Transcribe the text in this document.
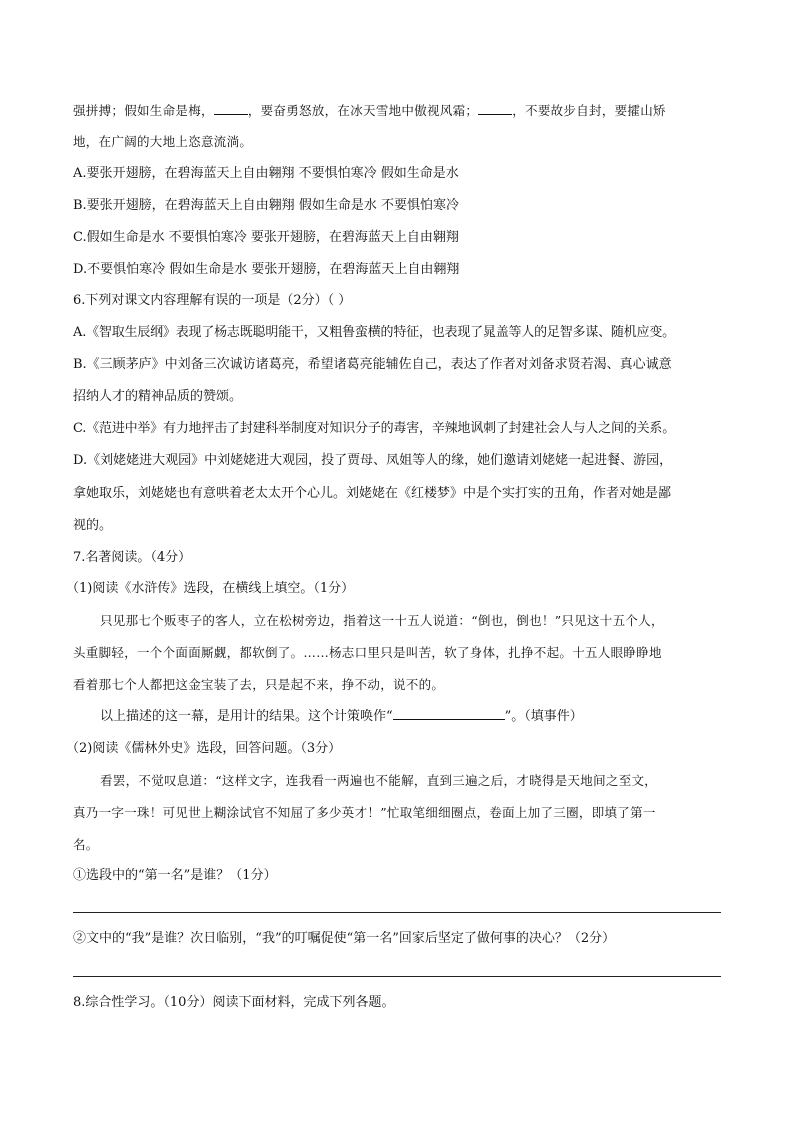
强拼搏；假如生命是梅，	，要奋勇怒放，在冰天雪地中傲视风霜；	，不要故步自封，要攉山矫
地，在广阔的大地上恣意流淌。
A.要张开翅膀，在碧海蓝天上自由翱翔 不要惧怕寒冷 假如生命是水
B.要张开翅膀，在碧海蓝天上自由翱翔 假如生命是水 不要惧怕寒冷
C.假如生命是水 不要惧怕寒冷 要张开翅膀，在碧海蓝天上自由翱翔
D.不要惧怕寒冷 假如生命是水 要张开翅膀，在碧海蓝天上自由翱翔
6.下列对课文内容理解有误的一项是（2分）（ ）
A.《智取生辰纲》表现了杨志既聪明能干，又粗鲁蛮横的特征，也表现了晁盖等人的足智多谋、随机应变。
B.《三顾茅庐》中刘备三次诚访诸葛亮，希望诸葛亮能辅佐自己，表达了作者对刘备求贤若渴、真心诚意
招纳人才的精神品质的赞颂。
C.《范进中举》有力地抨击了封建科举制度对知识分子的毒害，辛辣地讽刺了封建社会人与人之间的关系。
D.《刘姥姥进大观园》中刘姥姥进大观园，投了贾母、凤姐等人的缘，她们邀请刘姥姥一起进餐、游园，
拿她取乐，刘姥姥也有意哄着老太太开个心儿。刘姥姥在《红楼梦》中是个实打实的丑角，作者对她是鄙
视的。
7.名著阅读。（4分）
（1)阅读《水浒传》选段，在横线上填空。（1分）
只见那七个贩枣子的客人，立在松树旁边，指着这一十五人说道：“倒也，倒也！”只见这十五个人，
头重脚轻，一个个面面厮觑，都软倒了。……杨志口里只是叫苦，软了身体，扎挣不起。十五人眼睁睁地
看着那七个人都把这金宝装了去，只是起不来，挣不动，说不的。
以上描述的这一幕，是用计的结果。这个计策唤作“	”。（填事件）
（2)阅读《儒林外史》选段，回答问题。（3分）
看罢，不觉叹息道：“这样文字，连我看一两遍也不能解，直到三遍之后，才晓得是天地间之至文，
真乃一字一珠！可见世上糊涂试官不知屈了多少英才！”忙取笔细细圈点，卷面上加了三圈，即填了第一
名。
①选段中的“第一名”是谁？（1分）
②文中的“我”是谁？次日临别，“我”的叮嘱促使“第一名”回家后坚定了做何事的决心？（2分）
8.综合性学习。（10分）阅读下面材料，完成下列各题。
